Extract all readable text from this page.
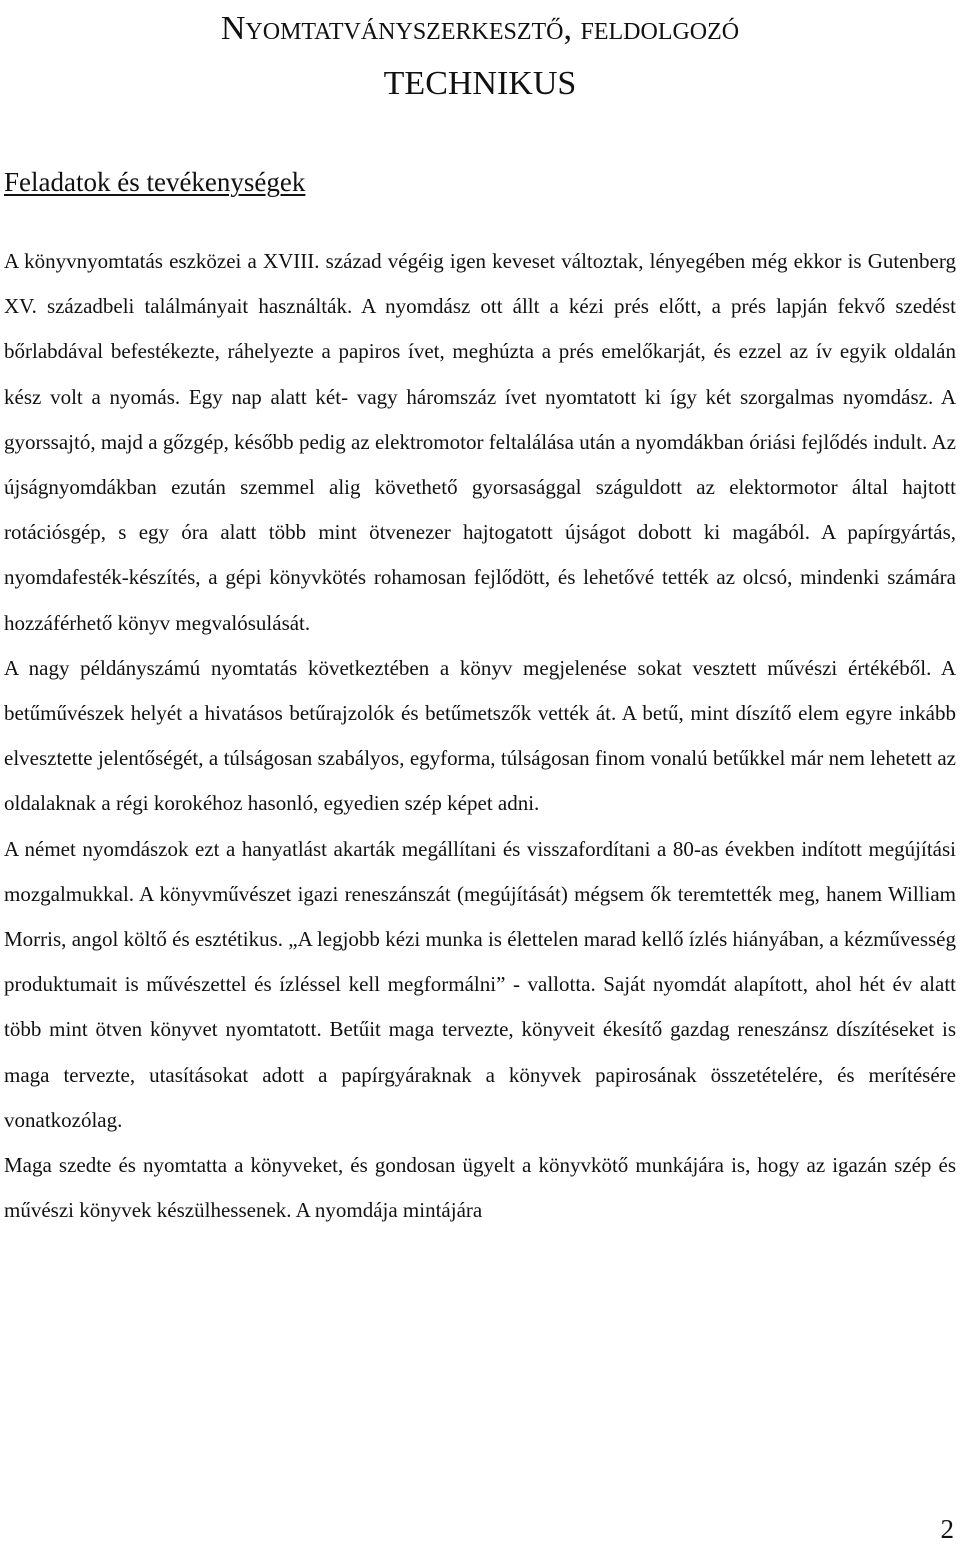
Nyomtatványszerkesztő, feldolgozó
TECHNIKUS
Feladatok és tevékenységek

A könyvnyomtatás eszközei a XVIII. század végéig igen keveset változtak, lényegében még ekkor is Gutenberg XV. századbeli találmányait használták. A nyomdász ott állt a kézi prés előtt, a prés lapján fekvő szedést bőrlabdával befestékezte, ráhelyezte a papiros ívet, meghúzta a prés emelőkarját, és ezzel az ív egyik oldalán kész volt a nyomás. Egy nap alatt két- vagy háromszáz ívet nyomtatott ki így két szorgalmas nyomdász. A gyorssajtó, majd a gőzgép, később pedig az elektromotor feltalálása után a nyomdákban óriási fejlődés indult. Az újságnyomdákban ezután szemmel alig követhető gyorsasággal száguldott az elektormotor által hajtott rotációsgép, s egy óra alatt több mint ötvenezer hajtogatott újságot dobott ki magából. A papírgyártás, nyomdafesték-készítés, a gépi könyvkötés rohamosan fejlődött, és lehetővé tették az olcsó, mindenki számára hozzáférhető könyv megvalósulását.

A nagy példányszámú nyomtatás következtében a könyv megjelenése sokat vesztett művészi értékéből. A betűművészek helyét a hivatásos betűrajzolók és betűmetszők vették át. A betű, mint díszítő elem egyre inkább elvesztette jelentőségét, a túlságosan szabályos, egyforma, túlságosan finom vonalú betűkkel már nem lehetett az oldalaknak a régi korokéhoz hasonló, egyedien szép képet adni.

A német nyomdászok ezt a hanyatlást akarták megállítani és visszafordítani a 80-as években indított megújítási mozgalmukkal. A könyvművészet igazi reneszánszát (megújítását) mégsem ők teremtették meg, hanem William Morris, angol költő és esztétikus. „A legjobb kézi munka is élettelen marad kellő ízlés hiányában, a kézművesség produktumait is művészettel és ízléssel kell megformálni” - vallotta. Saját nyomdát alapított, ahol hét év alatt több mint ötven könyvet nyomtatott. Betűit maga tervezte, könyveit ékesítő gazdag reneszánsz díszítéseket is maga tervezte, utasításokat adott a papírgyáraknak a könyvek papirosának összetételére, és merítésére vonatkozólag.

Maga szedte és nyomtatta a könyveket, és gondosan ügyelt a könyvkötő munkájára is, hogy az igazán szép és művészi könyvek készülhessenek. A nyomdája mintájára

2
